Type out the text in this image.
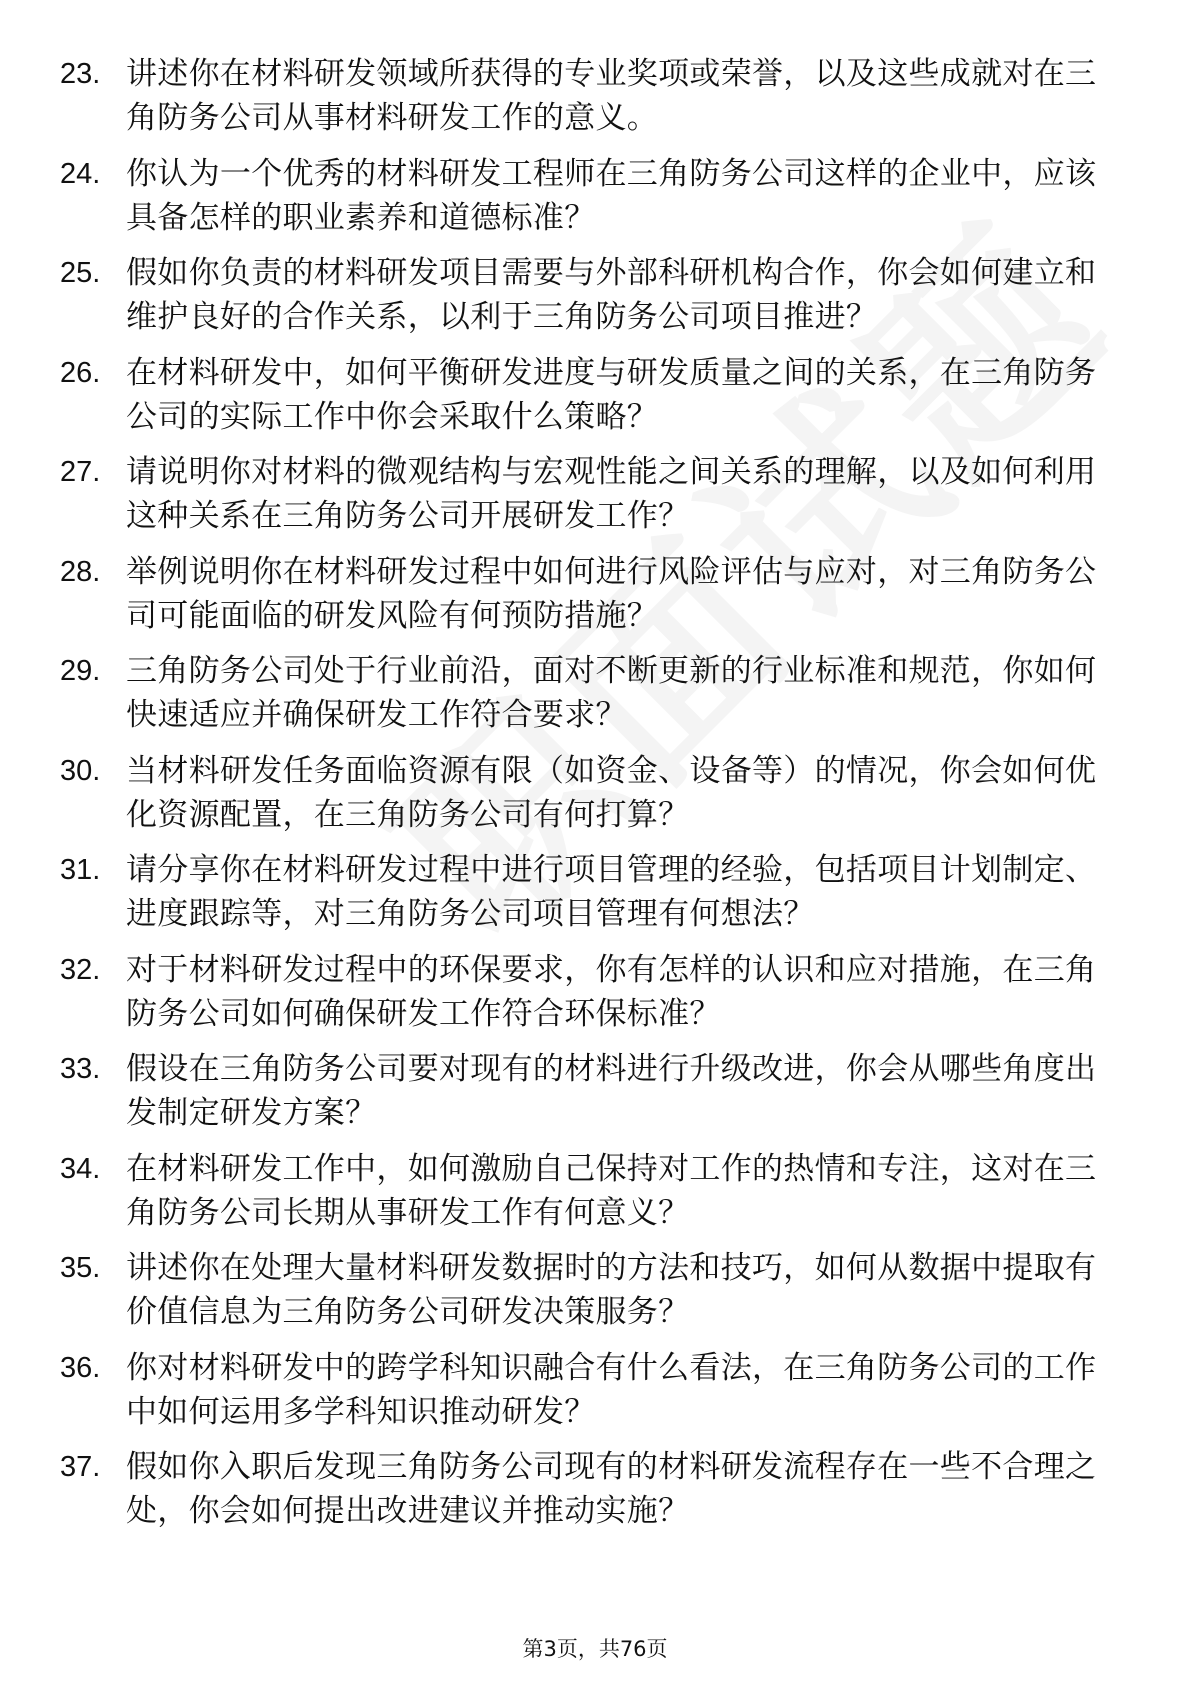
23. 讲述你在材料研发领域所获得的专业奖项或荣誉，以及这些成就对在三角防务公司从事材料研发工作的意义。
24. 你认为一个优秀的材料研发工程师在三角防务公司这样的企业中，应该具备怎样的职业素养和道德标准？
25. 假如你负责的材料研发项目需要与外部科研机构合作，你会如何建立和维护良好的合作关系，以利于三角防务公司项目推进？
26. 在材料研发中，如何平衡研发进度与研发质量之间的关系，在三角防务公司的实际工作中你会采取什么策略？
27. 请说明你对材料的微观结构与宏观性能之间关系的理解，以及如何利用这种关系在三角防务公司开展研发工作？
28. 举例说明你在材料研发过程中如何进行风险评估与应对，对三角防务公司可能面临的研发风险有何预防措施？
29. 三角防务公司处于行业前沿，面对不断更新的行业标准和规范，你如何快速适应并确保研发工作符合要求？
30. 当材料研发任务面临资源有限（如资金、设备等）的情况，你会如何优化资源配置，在三角防务公司有何打算？
31. 请分享你在材料研发过程中进行项目管理的经验，包括项目计划制定、进度跟踪等，对三角防务公司项目管理有何想法？
32. 对于材料研发过程中的环保要求，你有怎样的认识和应对措施，在三角防务公司如何确保研发工作符合环保标准？
33. 假设在三角防务公司要对现有的材料进行升级改进，你会从哪些角度出发制定研发方案？
34. 在材料研发工作中，如何激励自己保持对工作的热情和专注，这对在三角防务公司长期从事研发工作有何意义？
35. 讲述你在处理大量材料研发数据时的方法和技巧，如何从数据中提取有价值信息为三角防务公司研发决策服务？
36. 你对材料研发中的跨学科知识融合有什么看法，在三角防务公司的工作中如何运用多学科知识推动研发？
37. 假如你入职后发现三角防务公司现有的材料研发流程存在一些不合理之处，你会如何提出改进建议并推动实施？
第3页，共76页
